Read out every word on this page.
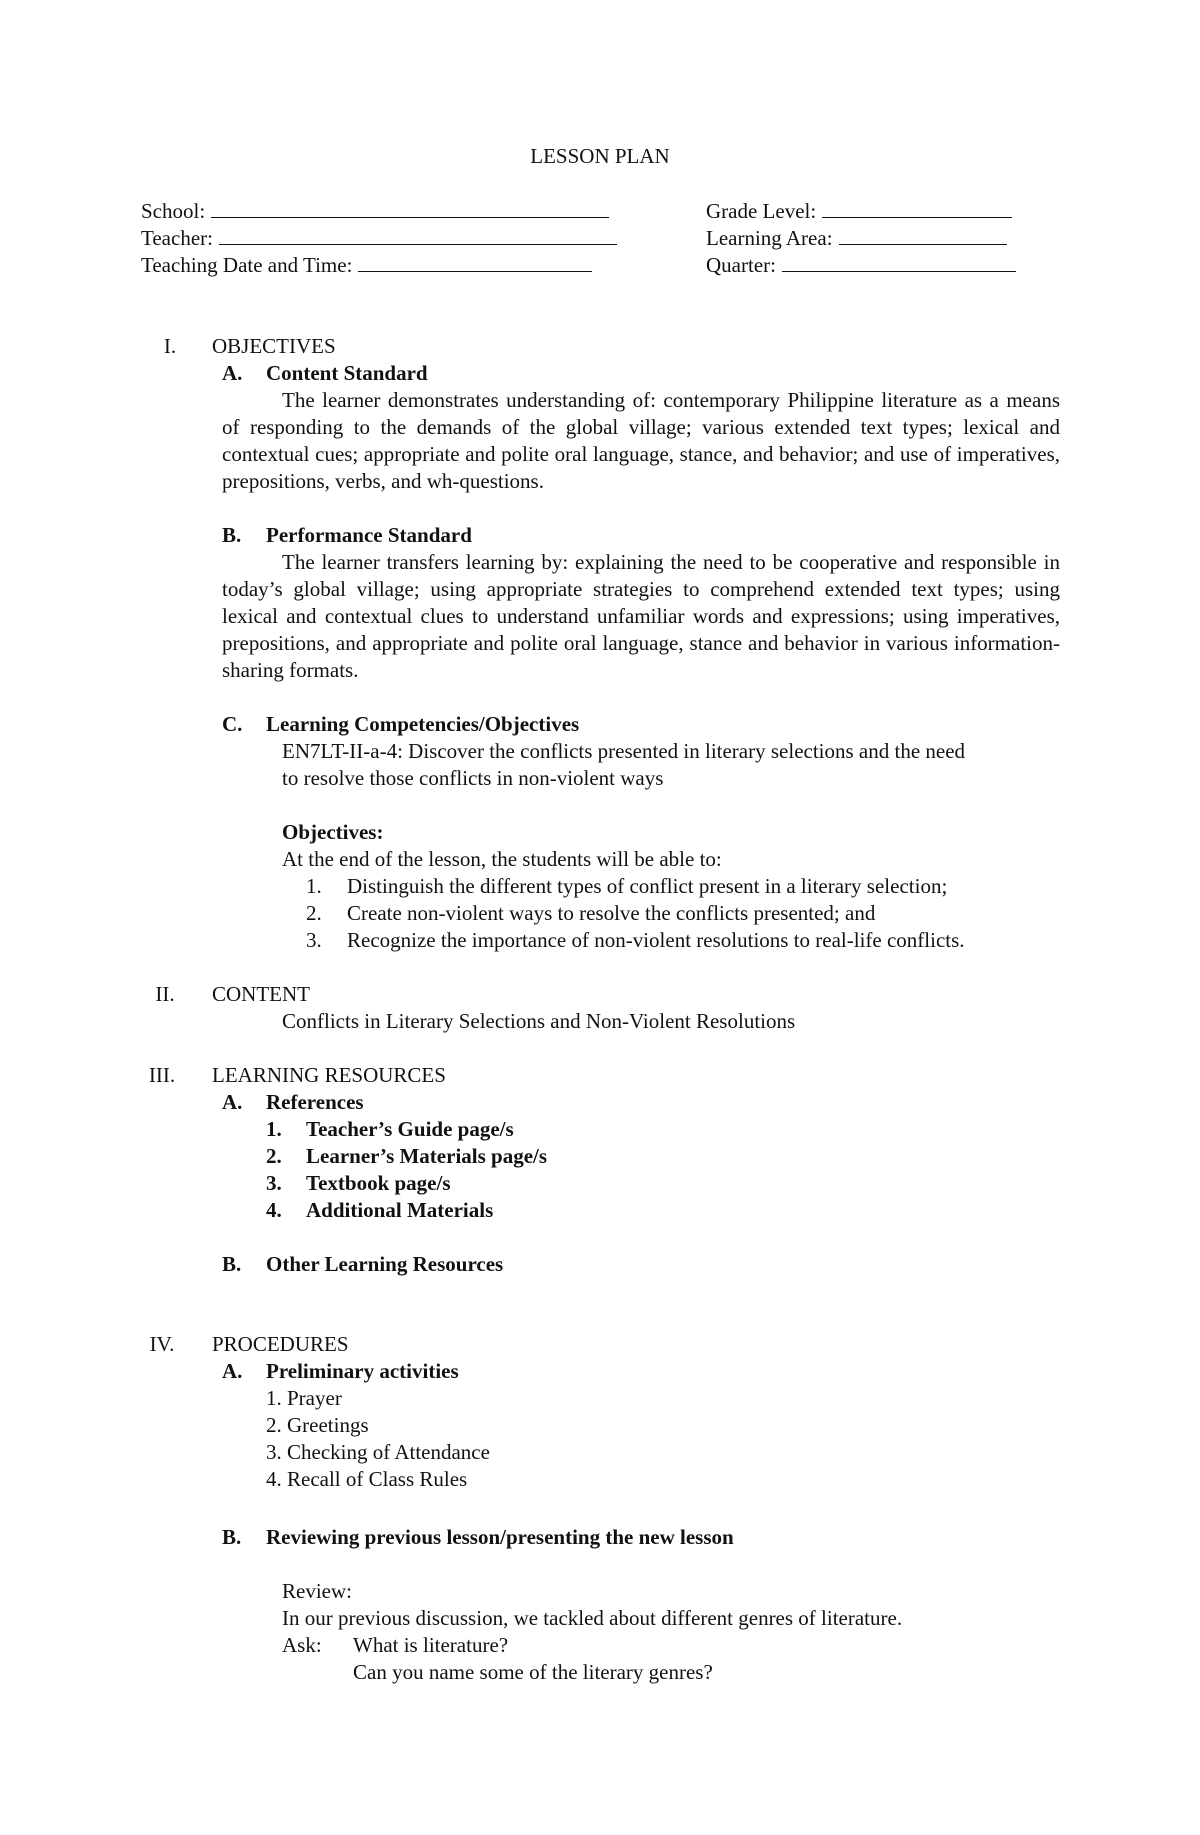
LESSON PLAN
School:
Teacher:
Teaching Date and Time:
Grade Level:
Learning Area:
Quarter:
I.	OBJECTIVES
A. Content Standard
The learner demonstrates understanding of: contemporary Philippine literature as a means of responding to the demands of the global village; various extended text types; lexical and contextual cues; appropriate and polite oral language, stance, and behavior; and use of imperatives, prepositions, verbs, and wh-questions.
B. Performance Standard
The learner transfers learning by: explaining the need to be cooperative and responsible in today’s global village; using appropriate strategies to comprehend extended text types; using lexical and contextual clues to understand unfamiliar words and expressions; using imperatives, prepositions, and appropriate and polite oral language, stance and behavior in various information-sharing formats.
C. Learning Competencies/Objectives
EN7LT-II-a-4: Discover the conflicts presented in literary selections and the need
to resolve those conflicts in non-violent ways
Objectives:
At the end of the lesson, the students will be able to:
1. Distinguish the different types of conflict present in a literary selection;
2. Create non-violent ways to resolve the conflicts presented; and
3. Recognize the importance of non-violent resolutions to real-life conflicts.
II.	CONTENT
Conflicts in Literary Selections and Non-Violent Resolutions
III.	LEARNING RESOURCES
A. References
1. Teacher’s Guide page/s
2. Learner’s Materials page/s
3. Textbook page/s
4. Additional Materials
B. Other Learning Resources
IV.	PROCEDURES
A. Preliminary activities
1. Prayer
2. Greetings
3. Checking of Attendance
4. Recall of Class Rules
B. Reviewing previous lesson/presenting the new lesson
Review:
In our previous discussion, we tackled about different genres of literature.
Ask: What is literature?
Can you name some of the literary genres?
